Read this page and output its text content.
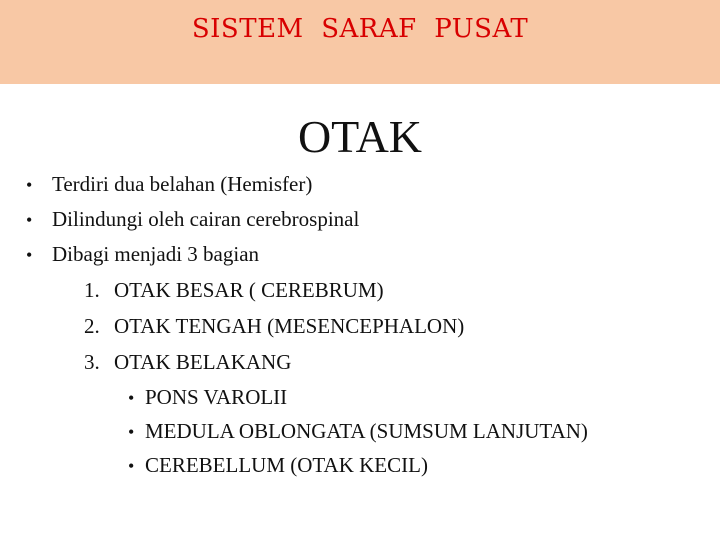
SISTEM  SARAF  PUSAT
OTAK
• Terdiri dua belahan (Hemisfer)
• Dilindungi oleh cairan cerebrospinal
• Dibagi menjadi 3 bagian
1. OTAK BESAR ( CEREBRUM)
2. OTAK TENGAH (MESENCEPHALON)
3. OTAK BELAKANG
• PONS VAROLII
• MEDULA OBLONGATA (SUMSUM LANJUTAN)
• CEREBELLUM (OTAK KECIL)
